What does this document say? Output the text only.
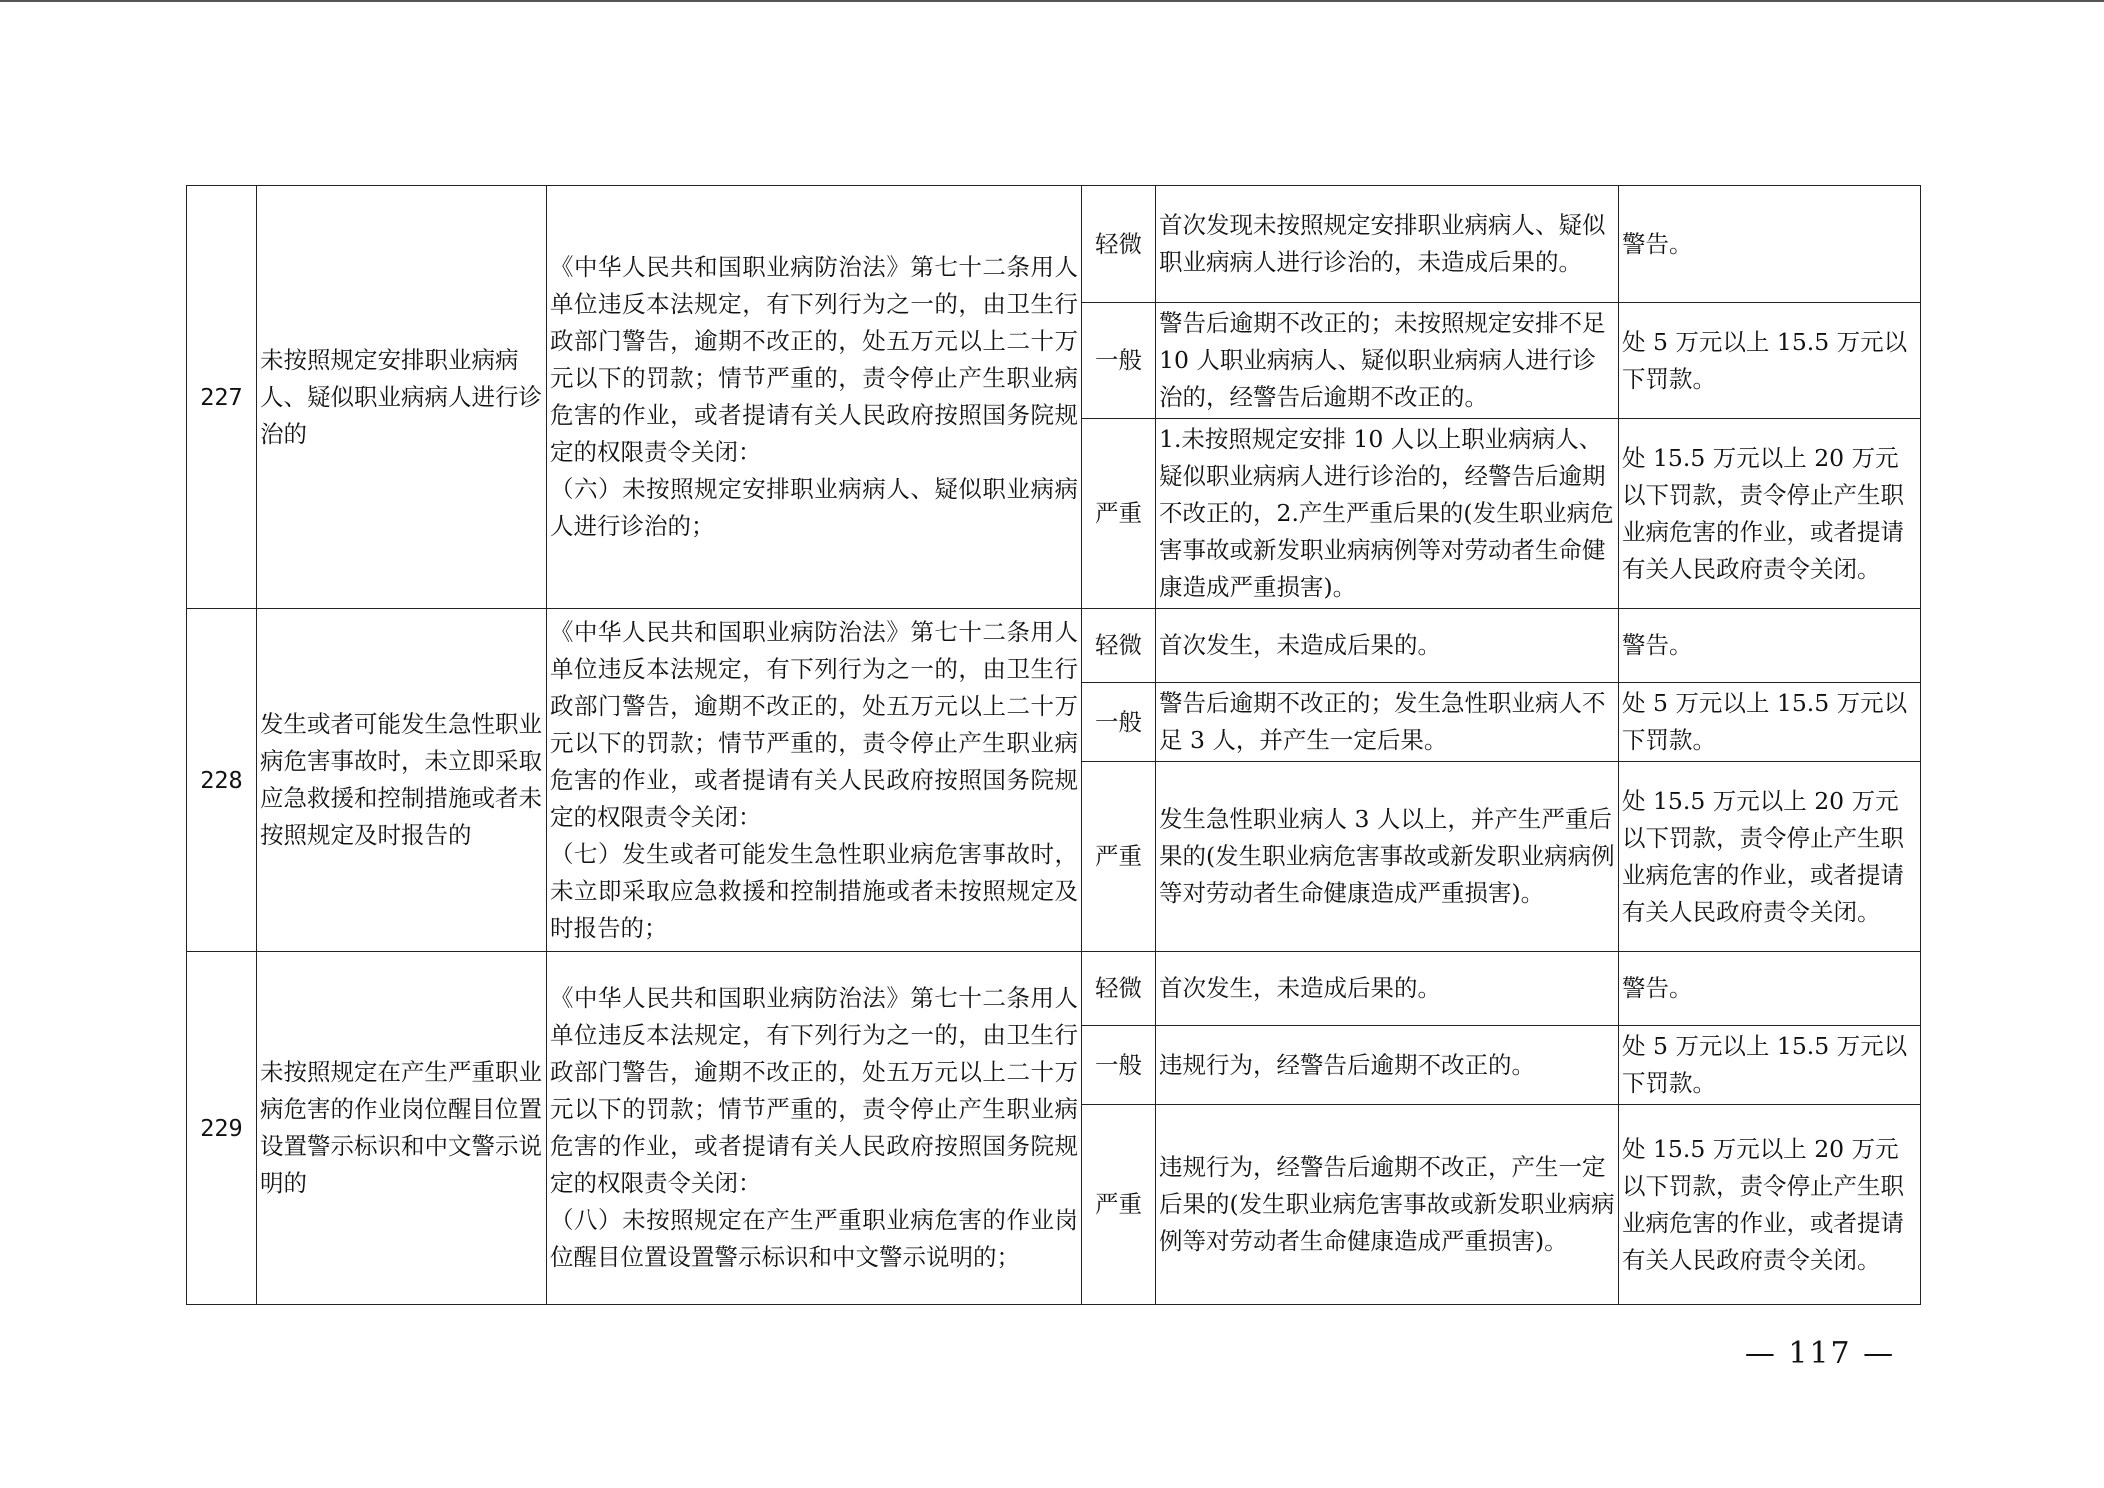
227	未按照规定安排职业病病人、疑似职业病病人进行诊治的	《中华人民共和国职业病防治法》第七十二条用人单位违反本法规定，有下列行为之一的，由卫生行政部门警告，逾期不改正的，处五万元以上二十万元以下的罚款；情节严重的，责令停止产生职业病危害的作业，或者提请有关人民政府按照国务院规定的权限责令关闭：
（六）未按照规定安排职业病病人、疑似职业病病人进行诊治的；	轻微	首次发现未按照规定安排职业病病人、疑似职业病病人进行诊治的，未造成后果的。	警告。
			一般	警告后逾期不改正的；未按照规定安排不足 10 人职业病病人、疑似职业病病人进行诊治的，经警告后逾期不改正的。	处 5 万元以上 15.5 万元以下罚款。
			严重	1.未按照规定安排 10 人以上职业病病人、疑似职业病病人进行诊治的，经警告后逾期不改正的，2.产生严重后果的(发生职业病危害事故或新发职业病病例等对劳动者生命健康造成严重损害)。	处 15.5 万元以上 20 万元以下罚款，责令停止产生职业病危害的作业，或者提请有关人民政府责令关闭。
228	发生或者可能发生急性职业病危害事故时，未立即采取应急救援和控制措施或者未按照规定及时报告的	《中华人民共和国职业病防治法》第七十二条用人单位违反本法规定，有下列行为之一的，由卫生行政部门警告，逾期不改正的，处五万元以上二十万元以下的罚款；情节严重的，责令停止产生职业病危害的作业，或者提请有关人民政府按照国务院规定的权限责令关闭：
（七）发生或者可能发生急性职业病危害事故时，未立即采取应急救援和控制措施或者未按照规定及时报告的；	轻微	首次发生，未造成后果的。	警告。
			一般	警告后逾期不改正的；发生急性职业病人不足 3 人，并产生一定后果。	处 5 万元以上 15.5 万元以下罚款。
			严重	发生急性职业病人 3 人以上，并产生严重后果的(发生职业病危害事故或新发职业病病例等对劳动者生命健康造成严重损害)。	处 15.5 万元以上 20 万元以下罚款，责令停止产生职业病危害的作业，或者提请有关人民政府责令关闭。
229	未按照规定在产生严重职业病危害的作业岗位醒目位置设置警示标识和中文警示说明的	《中华人民共和国职业病防治法》第七十二条用人单位违反本法规定，有下列行为之一的，由卫生行政部门警告，逾期不改正的，处五万元以上二十万元以下的罚款；情节严重的，责令停止产生职业病危害的作业，或者提请有关人民政府按照国务院规定的权限责令关闭：
（八）未按照规定在产生严重职业病危害的作业岗位醒目位置设置警示标识和中文警示说明的；	轻微	首次发生，未造成后果的。	警告。
			一般	违规行为，经警告后逾期不改正的。	处 5 万元以上 15.5 万元以下罚款。
			严重	违规行为，经警告后逾期不改正，产生一定后果的(发生职业病危害事故或新发职业病病例等对劳动者生命健康造成严重损害)。	处 15.5 万元以上 20 万元以下罚款，责令停止产生职业病危害的作业，或者提请有关人民政府责令关闭。
— 117 —
